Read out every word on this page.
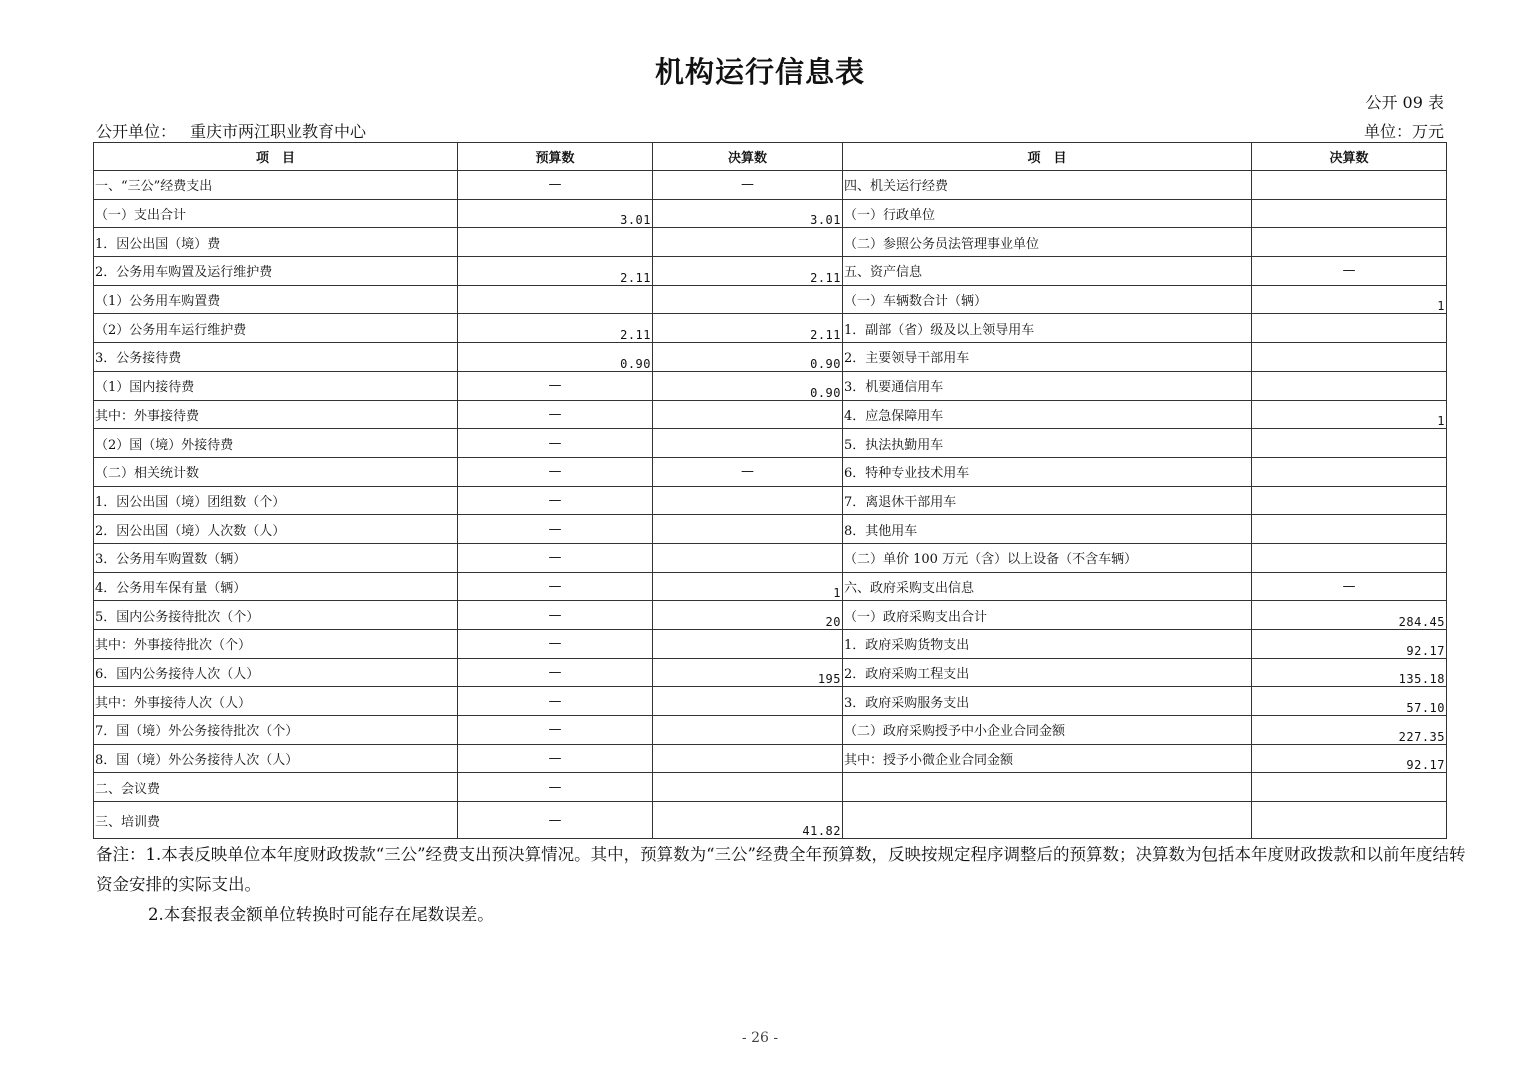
机构运行信息表
公开 09 表
公开单位： 重庆市两江职业教育中心	单位：万元
项　目	预算数	决算数	项　目	决算数
一、“三公”经费支出	—	—	四、机关运行经费	
（一）支出合计	3.01	3.01	（一）行政单位	
1．因公出国（境）费			（二）参照公务员法管理事业单位	
2．公务用车购置及运行维护费	2.11	2.11	五、资产信息	—
（1）公务用车购置费			（一）车辆数合计（辆）	1
（2）公务用车运行维护费	2.11	2.11	1．副部（省）级及以上领导用车	
3．公务接待费	0.90	0.90	2．主要领导干部用车	
（1）国内接待费	—	0.90	3．机要通信用车	
其中：外事接待费	—		4．应急保障用车	1
（2）国（境）外接待费	—		5．执法执勤用车	
（二）相关统计数	—	—	6．特种专业技术用车	
1．因公出国（境）团组数（个）	—		7．离退休干部用车	
2．因公出国（境）人次数（人）	—		8．其他用车	
3．公务用车购置数（辆）	—		（二）单价 100 万元（含）以上设备（不含车辆）	
4．公务用车保有量（辆）	—	1	六、政府采购支出信息	—
5．国内公务接待批次（个）	—	20	（一）政府采购支出合计	284.45
其中：外事接待批次（个）	—		1．政府采购货物支出	92.17
6．国内公务接待人次（人）	—	195	2．政府采购工程支出	135.18
其中：外事接待人次（人）	—		3．政府采购服务支出	57.10
7．国（境）外公务接待批次（个）	—		（二）政府采购授予中小企业合同金额	227.35
8．国（境）外公务接待人次（人）	—		其中：授予小微企业合同金额	92.17
二、会议费	—			
三、培训费	—	41.82		

备注：1.本表反映单位本年度财政拨款“三公”经费支出预决算情况。其中，预算数为“三公”经费全年预算数，反映按规定程序调整后的预算数；决算数为包括本年度财政拨款和以前年度结转资金安排的实际支出。

2.本套报表金额单位转换时可能存在尾数误差。

- 26 -
